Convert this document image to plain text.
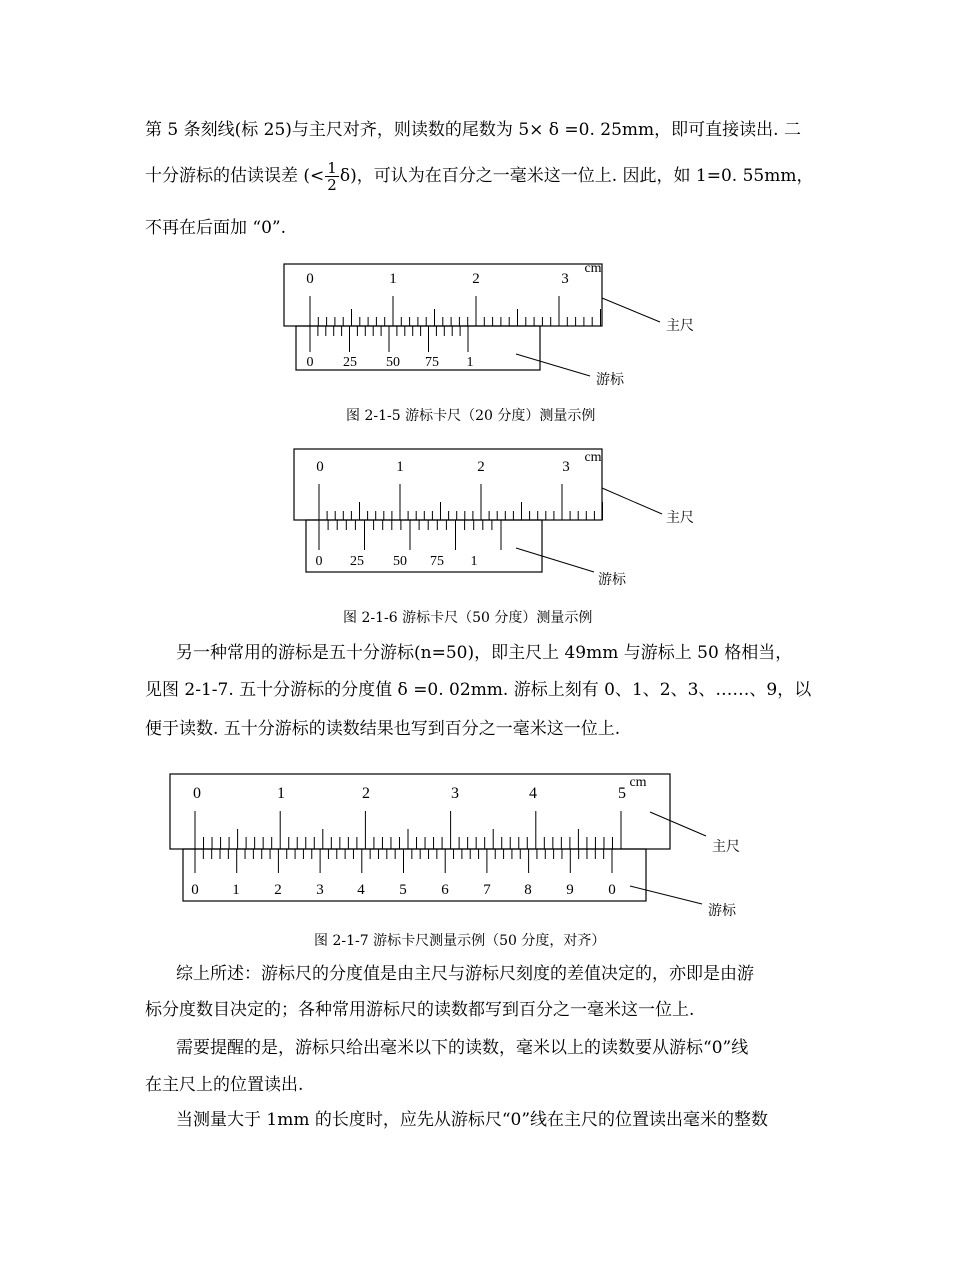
第 5 条刻线(标 25)与主尺对齐，则读数的尾数为 5× δ =0. 25mm，即可直接读出. 二
十分游标的估读误差 (< $\frac{1}{2} \delta$)，可认为在百分之一毫米这一位上. 因此，如 1=0. 55mm，
不再在后面加 “0”.
0	1	2	3
cm
0 25 50 75 1
主尺
游标
0	1	2	3
cm
0 25 50 75 1
主尺
游标
0	1	2	3	4	5
cm
0 1 2 3 4 5 6 7 8 9 0
主尺
游标
图 2-1-5 游标卡尺（20 分度）测量示例
图 2-1-6 游标卡尺（50 分度）测量示例
图 2-1-7 游标卡尺测量示例（50 分度，对齐）
另一种常用的游标是五十分游标(n=50)，即主尺上 49mm 与游标上 50 格相当，
见图 2-1-7. 五十分游标的分度值 δ =0. 02mm. 游标上刻有 0、1、2、3、……、9，以
便于读数. 五十分游标的读数结果也写到百分之一毫米这一位上.
综上所述：游标尺的分度值是由主尺与游标尺刻度的差值决定的，亦即是由游
标分度数目决定的；各种常用游标尺的读数都写到百分之一毫米这一位上.
需要提醒的是，游标只给出毫米以下的读数，毫米以上的读数要从游标“0”线
在主尺上的位置读出.
当测量大于 1mm 的长度时，应先从游标尺“0”线在主尺的位置读出毫米的整数
